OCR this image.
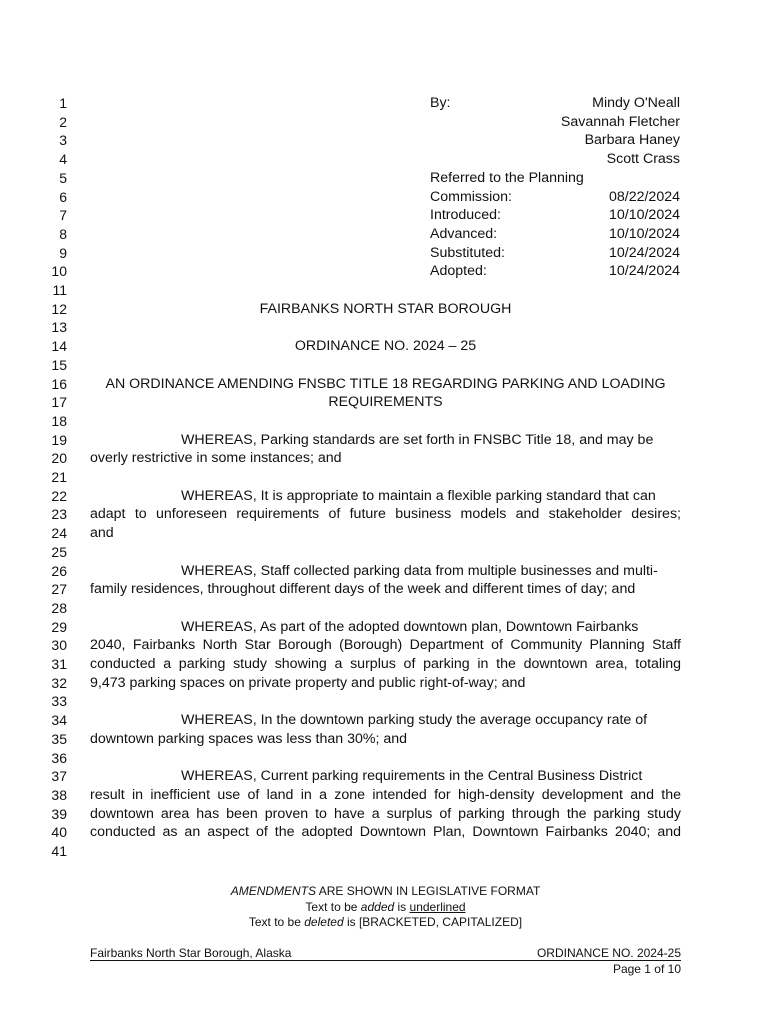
1
2
3
4
5
6
7
8
9
10
11
12
13
14
15
16
17
18
19
20
21
22
23
24
25
26
27
28
29
30
31
32
33
34
35
36
37
38
39
40
41
By:	Mindy O'Neall
Savannah Fletcher
Barbara Haney
Scott Crass
Referred to the Planning
Commission:	08/22/2024
Introduced:	10/10/2024
Advanced:	10/10/2024
Substituted:	10/24/2024
Adopted:	10/24/2024
FAIRBANKS NORTH STAR BOROUGH
ORDINANCE NO. 2024 – 25
AN ORDINANCE AMENDING FNSBC TITLE 18 REGARDING PARKING AND LOADING
REQUIREMENTS
WHEREAS, Parking standards are set forth in FNSBC Title 18, and may be
overly restrictive in some instances; and
WHEREAS, It is appropriate to maintain a flexible parking standard that can
adapt to unforeseen requirements of future business models and stakeholder desires;
and
WHEREAS, Staff collected parking data from multiple businesses and multi-
family residences, throughout different days of the week and different times of day; and
WHEREAS, As part of the adopted downtown plan, Downtown Fairbanks
2040, Fairbanks North Star Borough (Borough) Department of Community Planning Staff
conducted a parking study showing a surplus of parking in the downtown area, totaling
9,473 parking spaces on private property and public right-of-way; and
WHEREAS, In the downtown parking study the average occupancy rate of
downtown parking spaces was less than 30%; and
WHEREAS, Current parking requirements in the Central Business District
result in inefficient use of land in a zone intended for high-density development and the
downtown area has been proven to have a surplus of parking through the parking study
conducted as an aspect of the adopted Downtown Plan, Downtown Fairbanks 2040; and
AMENDMENTS ARE SHOWN IN LEGISLATIVE FORMAT
Text to be added is underlined
Text to be deleted is [BRACKETED, CAPITALIZED]
Fairbanks North Star Borough, Alaska	ORDINANCE NO. 2024-25
Page 1 of 10
